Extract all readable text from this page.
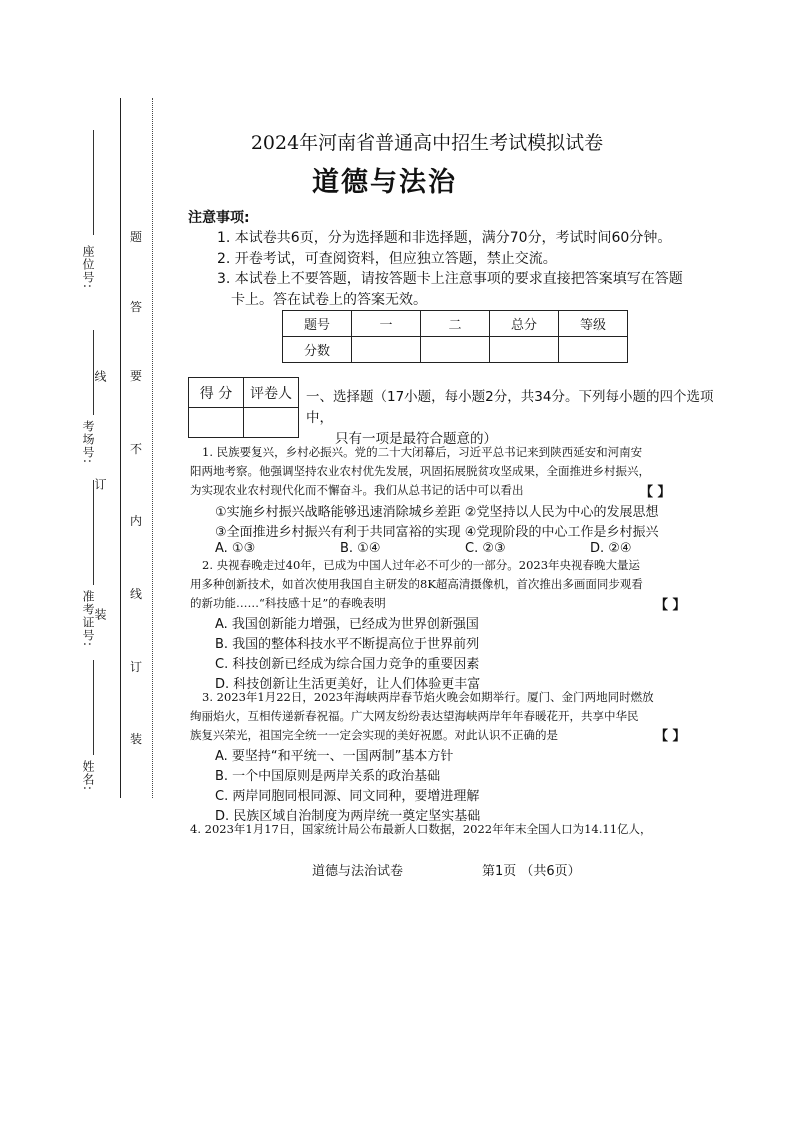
座位号:
考场号:
准考证号:
姓名:
线
订
装
题
答
要
不
内
线
订
装
2024年河南省普通高中招生考试模拟试卷
道德与法治
注意事项:
1. 本试卷共6页，分为选择题和非选择题，满分70分，考试时间60分钟。
2. 开卷考试，可查阅资料，但应独立答题，禁止交流。
3. 本试卷上不要答题，请按答题卡上注意事项的要求直接把答案填写在答题
卡上。答在试卷上的答案无效。
题号	一	二	总分	等级
分数				
得 分	评卷人
	一、选择题（17小题，每小题2分，共34分。下列每小题的四个选项中，
只有一项是最符合题意的）
1. 民族要复兴，乡村必振兴。党的二十大闭幕后，习近平总书记来到陕西延安和河南安
阳两地考察。他强调坚持农业农村优先发展，巩固拓展脱贫攻坚成果，全面推进乡村振兴，
为实现农业农村现代化而不懈奋斗。我们从总书记的话中可以看出	【 】
①实施乡村振兴战略能够迅速消除城乡差距 ②党坚持以人民为中心的发展思想
③全面推进乡村振兴有利于共同富裕的实现 ④党现阶段的中心工作是乡村振兴
A. ①③	B. ①④	C. ②③	D. ②④
2. 央视春晚走过40年，已成为中国人过年必不可少的一部分。2023年央视春晚大量运
用多种创新技术，如首次使用我国自主研发的8K超高清摄像机，首次推出多画面同步观看
的新功能……“科技感十足”的春晚表明	【 】
A. 我国创新能力增强，已经成为世界创新强国
B. 我国的整体科技水平不断提高位于世界前列
C. 科技创新已经成为综合国力竞争的重要因素
D. 科技创新让生活更美好，让人们体验更丰富
3. 2023年1月22日，2023年海峡两岸春节焰火晚会如期举行。厦门、金门两地同时燃放
绚丽焰火，互相传递新春祝福。广大网友纷纷表达望海峡两岸年年春暖花开，共享中华民
族复兴荣光，祖国完全统一一定会实现的美好祝愿。对此认识不正确的是	【 】
A. 要坚持“和平统一、一国两制”基本方针
B. 一个中国原则是两岸关系的政治基础
C. 两岸同胞同根同源、同文同种，要增进理解
D. 民族区域自治制度为两岸统一奠定坚实基础
4. 2023年1月17日，国家统计局公布最新人口数据，2022年年末全国人口为14.11亿人，
道德与法治试卷	第1页 （共6页）
